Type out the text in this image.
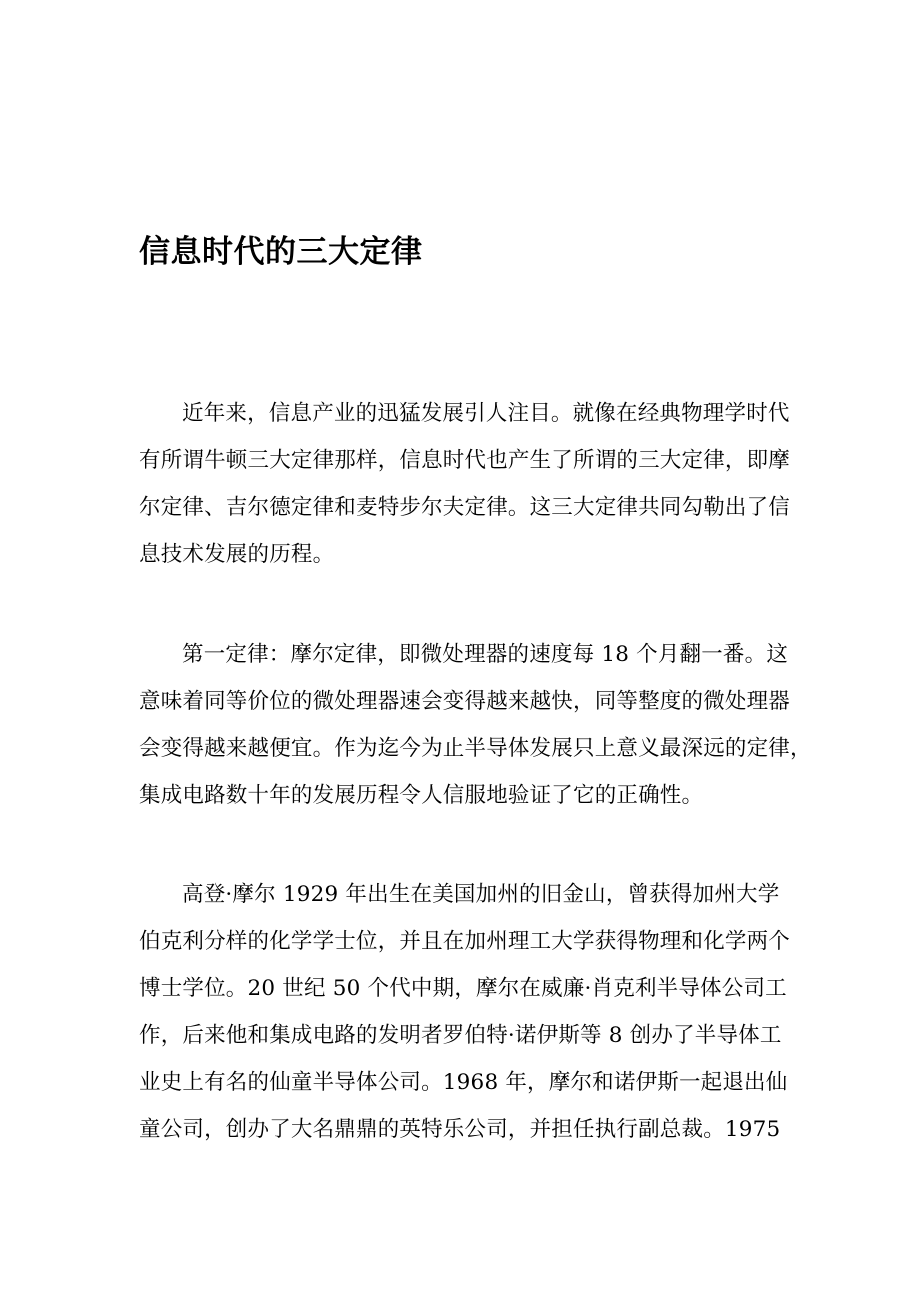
信息时代的三大定律
近年来，信息产业的迅猛发展引人注目。就像在经典物理学时代
有所谓牛顿三大定律那样，信息时代也产生了所谓的三大定律，即摩
尔定律、吉尔德定律和麦特步尔夫定律。这三大定律共同勾勒出了信
息技术发展的历程。
第一定律：摩尔定律，即微处理器的速度每 18 个月翻一番。这
意味着同等价位的微处理器速会变得越来越快，同等整度的微处理器
会变得越来越便宜。作为迄今为止半导体发展只上意义最深远的定律，
集成电路数十年的发展历程令人信服地验证了它的正确性。
高登·摩尔 1929 年出生在美国加州的旧金山，曾获得加州大学
伯克利分样的化学学士位，并且在加州理工大学获得物理和化学两个
博士学位。20 世纪 50 个代中期，摩尔在威廉·肖克利半导体公司工
作，后来他和集成电路的发明者罗伯特·诺伊斯等 8 创办了半导体工
业史上有名的仙童半导体公司。1968 年，摩尔和诺伊斯一起退出仙
童公司，创办了大名鼎鼎的英特乐公司，并担任执行副总裁。1975
